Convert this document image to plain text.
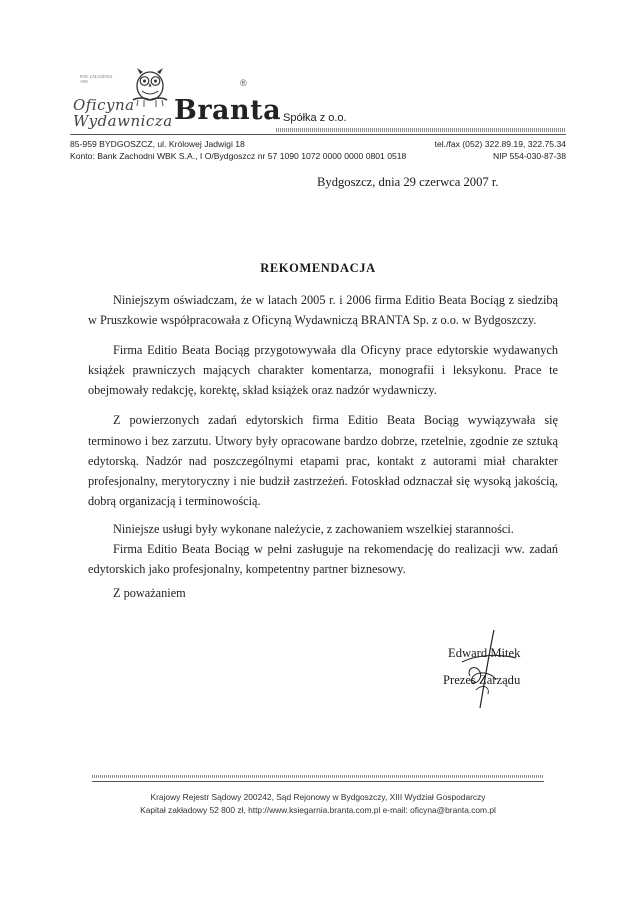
POR. ZAŁOŻENIA
1995	®
Oficyna
Wydawnicza Branta Spółka z o.o.
85-959 BYDGOSZCZ, ul. Królowej Jadwigi 18	tel./fax (052) 322.89.19, 322.75.34
Konto: Bank Zachodni WBK S.A., I O/Bydgoszcz nr 57 1090 1072 0000 0000 0801 0518	NIP 554-030-87-38
Bydgoszcz, dnia 29 czerwca 2007 r.
REKOMENDACJA

Niniejszym oświadczam, że w latach 2005 r. i 2006 firma Editio Beata Bociąg z siedzibą w Pruszkowie współpracowała z Oficyną Wydawniczą BRANTA Sp. z o.o. w Bydgoszczy.

Firma Editio Beata Bociąg przygotowywała dla Oficyny prace edytorskie wydawanych książek prawniczych mających charakter komentarza, monografii i leksykonu. Prace te obejmowały redakcję, korektę, skład książek oraz nadzór wydawniczy.

Z powierzonych zadań edytorskich firma Editio Beata Bociąg wywiązywała się terminowo i bez zarzutu. Utwory były opracowane bardzo dobrze, rzetelnie, zgodnie ze sztuką edytorską. Nadzór nad poszczególnymi etapami prac, kontakt z autorami miał charakter profesjonalny, merytoryczny i nie budził zastrzeżeń. Fotoskład odznaczał się wysoką jakością, dobrą organizacją i terminowością.

Niniejsze usługi były wykonane należycie, z zachowaniem wszelkiej staranności.

Firma Editio Beata Bociąg w pełni zasługuje na rekomendację do realizacji ww. zadań edytorskich jako profesjonalny, kompetentny partner biznesowy.

Z poważaniem

Edward Mitek
Prezes Zarządu
Krajowy Rejestr Sądowy 200242, Sąd Rejonowy w Bydgoszczy, XIII Wydział Gospodarczy
Kapitał zakładowy 52 800 zł, http://www.ksiegarnia.branta.com.pl e-mail: oficyna@branta.com.pl
